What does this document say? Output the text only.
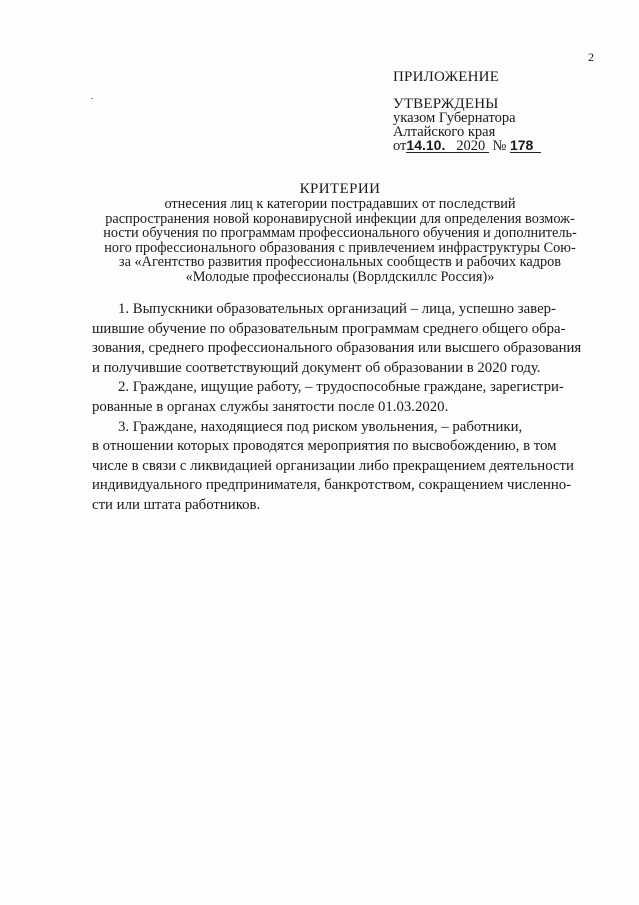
2
ПРИЛОЖЕНИЕ
УТВЕРЖДЕНЫ
указом Губернатора
Алтайского края
от14.10. 2020 № 178
КРИТЕРИИ
отнесения лиц к категории пострадавших от последствий
распространения новой коронавирусной инфекции для определения возмож-
ности обучения по программам профессионального обучения и дополнитель-
ного профессионального образования с привлечением инфраструктуры Сою-
за «Агентство развития профессиональных сообществ и рабочих кадров
«Молодые профессионалы (Ворлдскиллс Россия)»
1. Выпускники образовательных организаций – лица, успешно завер-
шившие обучение по образовательным программам среднего общего обра-
зования, среднего профессионального образования или высшего образования
и получившие соответствующий документ об образовании в 2020 году.
2. Граждане, ищущие работу, – трудоспособные граждане, зарегистри-
рованные в органах службы занятости после 01.03.2020.
3. Граждане, находящиеся под риском увольнения, – работники,
в отношении которых проводятся мероприятия по высвобождению, в том
числе в связи с ликвидацией организации либо прекращением деятельности
индивидуального предпринимателя, банкротством, сокращением численно-
сти или штата работников.
